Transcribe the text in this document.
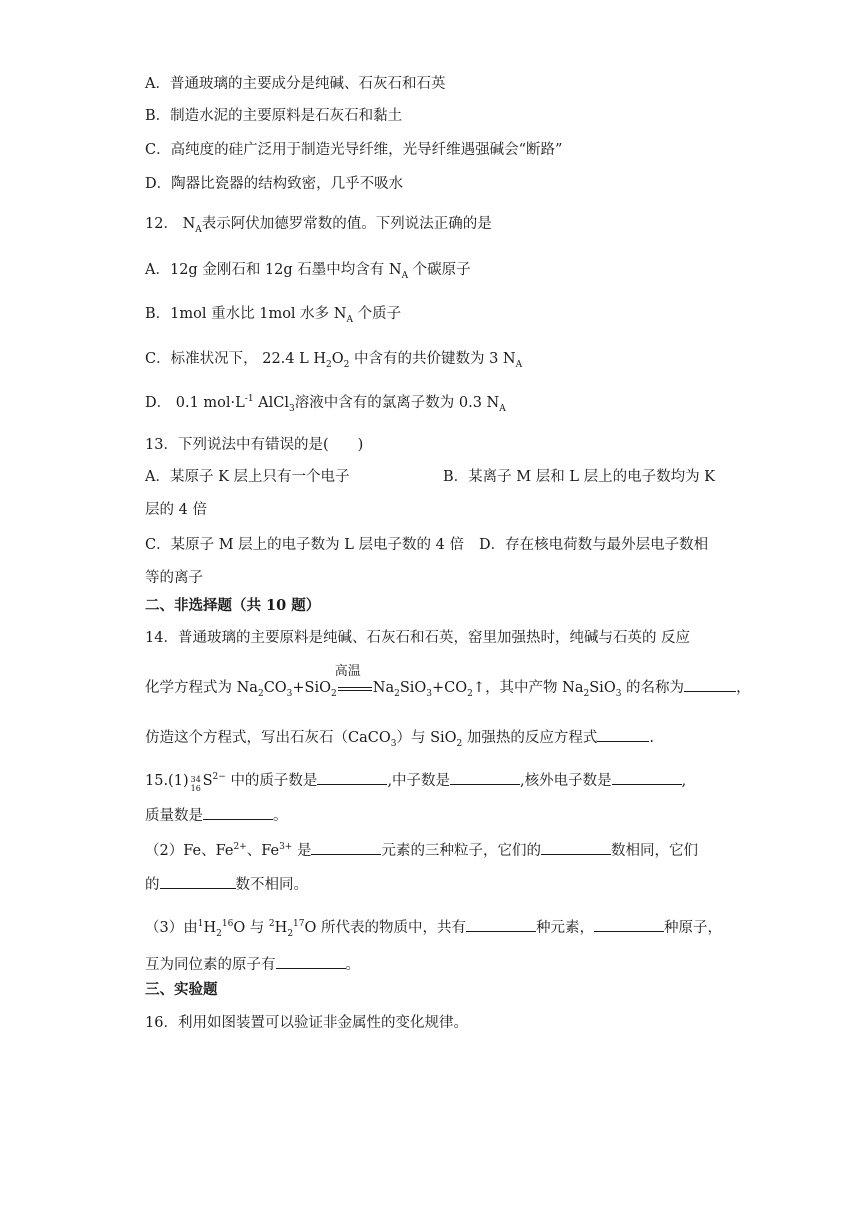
A．普通玻璃的主要成分是纯碱、石灰石和石英
B．制造水泥的主要原料是石灰石和黏土
C．高纯度的硅广泛用于制造光导纤维，光导纤维遇强碱会“断路”
D．陶器比瓷器的结构致密，几乎不吸水
12． $N_A$表示阿伏加德罗常数的值。下列说法正确的是
A．12g 金刚石和 12g 石墨中均含有 $N_A$ 个碳原子
B．1mol 重水比 1mol 水多 $N_A$ 个质子
C．标准状况下， 22.4 L $H_2O_2$ 中含有的共价键数为 3 $N_A$
D． 0.1 $mol\cdot L^{-1}$ AlCl$_3$溶液中含有的氯离子数为 0.3 $N_A$
13．下列说法中有错误的是(　　)
A．某原子 K 层上只有一个电子	B．某离子 M 层和 L 层上的电子数均为 K
层的 4 倍
C．某原子 M 层上的电子数为 L 层电子数的 4 倍 D．存在核电荷数与最外层电子数相
等的离子
二、非选择题（共 10 题）
14．普通玻璃的主要原料是纯碱、石灰石和石英，窑里加强热时，纯碱与石英的 反应
化学方程式为 $Na_2CO_3+SiO_2$
高温
$Na_2SiO_3+CO_2↑$，其中产物 $Na_2SiO_3$ 的名称为	，
仿造这个方程式，写出石灰石（CaCO$_3$）与 SiO$_2$ 加强热的反应方程式	.
15.(1) 34
16 $S^{2-}$ 中的质子数是	,中子数是	,核外电子数是	,
质量数是	。
（2）Fe、$Fe^{2+}$、$Fe^{3+}$ 是	元素的三种粒子，它们的	数相同，它们
的	数不相同。
（3）由$^1H_2^{16}O$ 与 $^2H_2^{17}O$ 所代表的物质中，共有	种元素，	种原子，
互为同位素的原子有	。
三、实验题
16．利用如图装置可以验证非金属性的变化规律。
